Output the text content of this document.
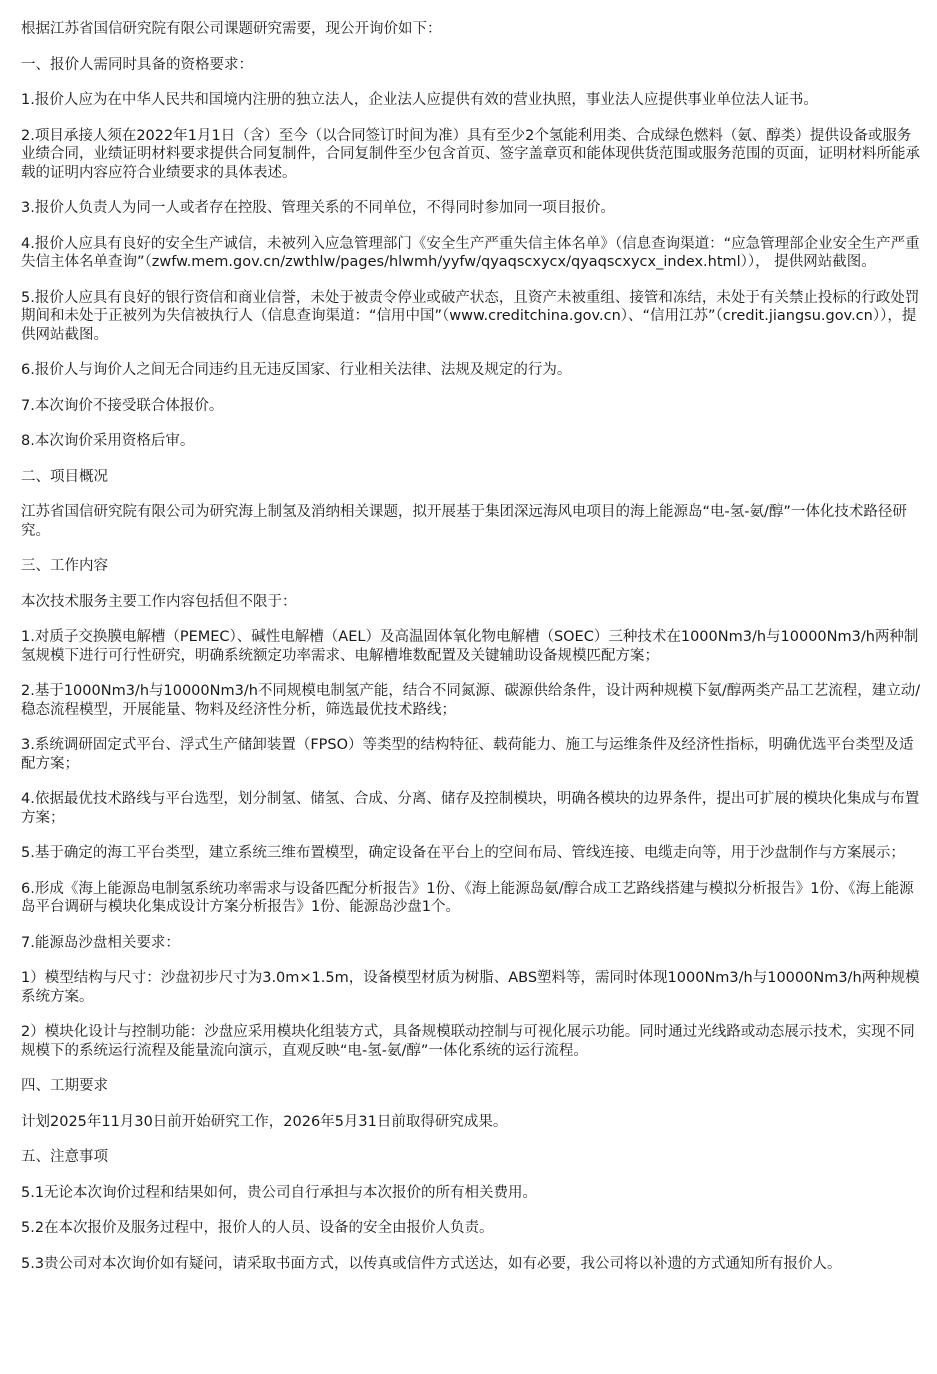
根据江苏省国信研究院有限公司课题研究需要，现公开询价如下：

一、报价人需同时具备的资格要求：

1.报价人应为在中华人民共和国境内注册的独立法人，企业法人应提供有效的营业执照，事业法人应提供事业单位法人证书。

2.项目承接人须在2022年1月1日（含）至今（以合同签订时间为准）具有至少2个氢能利用类、合成绿色燃料（氨、醇类）提供设备或服务业绩合同，业绩证明材料要求提供合同复制件，合同复制件至少包含首页、签字盖章页和能体现供货范围或服务范围的页面，证明材料所能承载的证明内容应符合业绩要求的具体表述。

3.报价人负责人为同一人或者存在控股、管理关系的不同单位，不得同时参加同一项目报价。

4.报价人应具有良好的安全生产诚信，未被列入应急管理部门《安全生产严重失信主体名单》（信息查询渠道：“应急管理部企业安全生产严重失信主体名单查询”（zwfw.mem.gov.cn/zwthlw/pages/hlwmh/yyfw/qyaqscxycx/qyaqscxycx_index.html））， 提供网站截图。

5.报价人应具有良好的银行资信和商业信誉，未处于被责令停业或破产状态，且资产未被重组、接管和冻结，未处于有关禁止投标的行政处罚期间和未处于正被列为失信被执行人（信息查询渠道：“信用中国”（www.creditchina.gov.cn）、“信用江苏”（credit.jiangsu.gov.cn）），提供网站截图。

6.报价人与询价人之间无合同违约且无违反国家、行业相关法律、法规及规定的行为。

7.本次询价不接受联合体报价。

8.本次询价采用资格后审。

二、项目概况

江苏省国信研究院有限公司为研究海上制氢及消纳相关课题，拟开展基于集团深远海风电项目的海上能源岛“电-氢-氨/醇”一体化技术路径研究。

三、工作内容

本次技术服务主要工作内容包括但不限于：

1.对质子交换膜电解槽（PEMEC）、碱性电解槽（AEL）及高温固体氧化物电解槽（SOEC）三种技术在1000Nm3/h与10000Nm3/h两种制氢规模下进行可行性研究，明确系统额定功率需求、电解槽堆数配置及关键辅助设备规模匹配方案；

2.基于1000Nm3/h与10000Nm3/h不同规模电制氢产能，结合不同氮源、碳源供给条件，设计两种规模下氨/醇两类产品工艺流程，建立动/稳态流程模型，开展能量、物料及经济性分析，筛选最优技术路线；

3.系统调研固定式平台、浮式生产储卸装置（FPSO）等类型的结构特征、载荷能力、施工与运维条件及经济性指标，明确优选平台类型及适配方案；

4.依据最优技术路线与平台选型，划分制氢、储氢、合成、分离、储存及控制模块，明确各模块的边界条件，提出可扩展的模块化集成与布置方案；

5.基于确定的海工平台类型，建立系统三维布置模型，确定设备在平台上的空间布局、管线连接、电缆走向等，用于沙盘制作与方案展示；

6.形成《海上能源岛电制氢系统功率需求与设备匹配分析报告》1份、《海上能源岛氨/醇合成工艺路线搭建与模拟分析报告》1份、《海上能源岛平台调研与模块化集成设计方案分析报告》1份、能源岛沙盘1个。

7.能源岛沙盘相关要求：

1）模型结构与尺寸：沙盘初步尺寸为3.0m×1.5m，设备模型材质为树脂、ABS塑料等，需同时体现1000Nm3/h与10000Nm3/h两种规模系统方案。

2）模块化设计与控制功能：沙盘应采用模块化组装方式，具备规模联动控制与可视化展示功能。同时通过光线路或动态展示技术，实现不同规模下的系统运行流程及能量流向演示，直观反映“电-氢-氨/醇”一体化系统的运行流程。

四、工期要求

计划2025年11月30日前开始研究工作，2026年5月31日前取得研究成果。

五、注意事项

5.1无论本次询价过程和结果如何，贵公司自行承担与本次报价的所有相关费用。

5.2在本次报价及服务过程中，报价人的人员、设备的安全由报价人负责。

5.3贵公司对本次询价如有疑问，请采取书面方式，以传真或信件方式送达，如有必要，我公司将以补遗的方式通知所有报价人。
